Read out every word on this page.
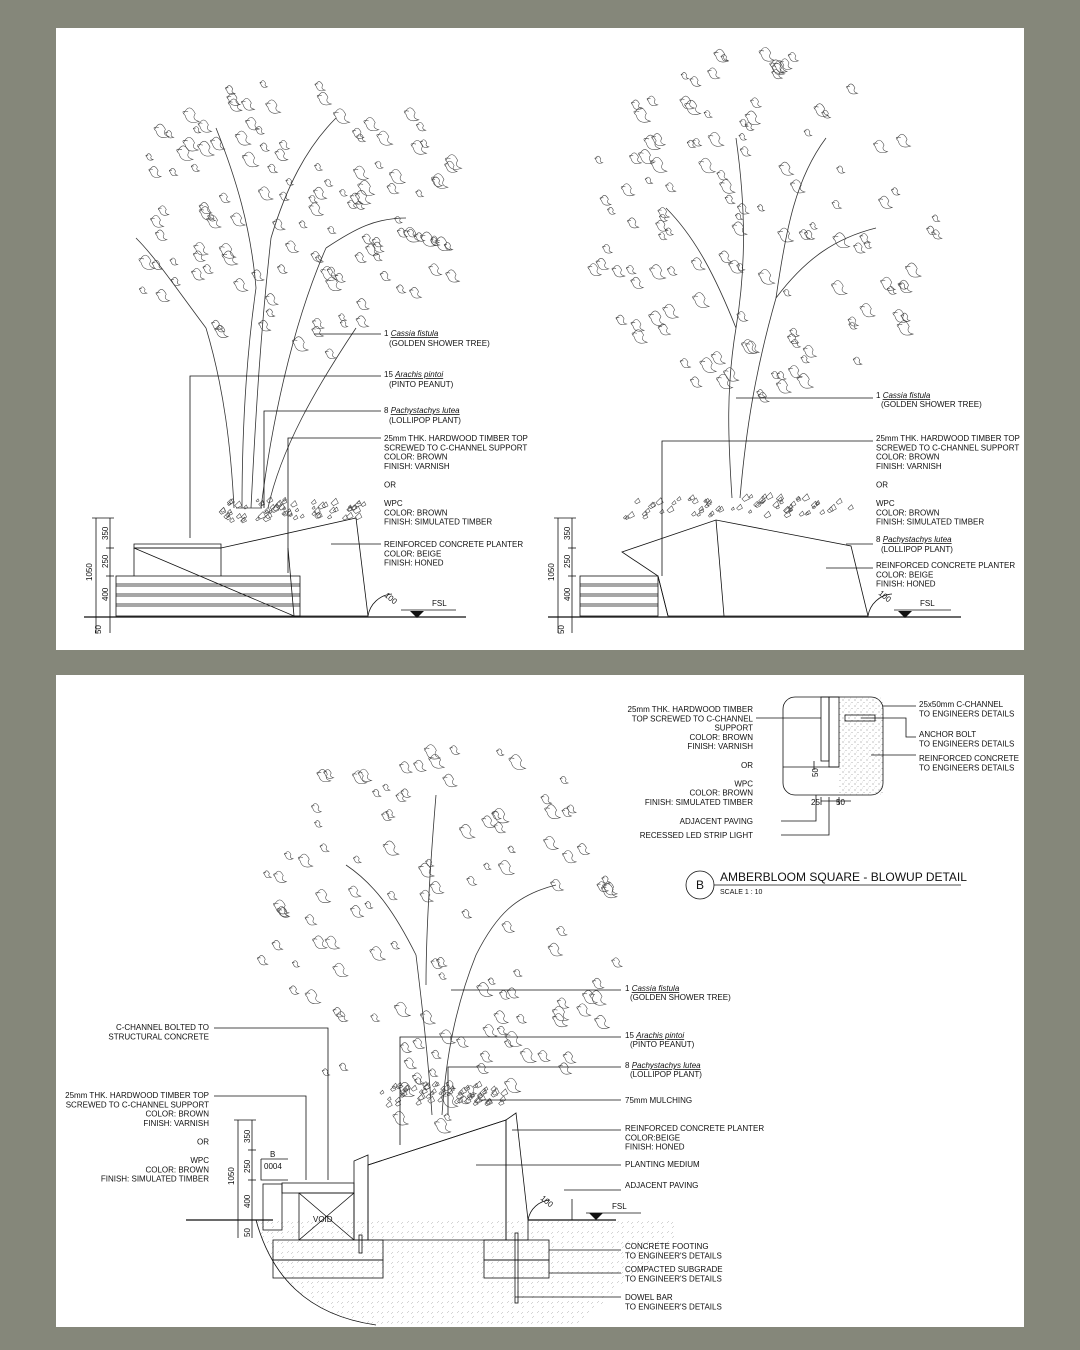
1050
350
250
400
50
100	FSL
1 Cassia fistula
(GOLDEN SHOWER TREE)
15 Arachis pintoi
(PINTO PEANUT)
8 Pachystachys lutea
(LOLLIPOP PLANT)
25mm THK. HARDWOOD TIMBER TOP
SCREWED TO C-CHANNEL SUPPORT
COLOR: BROWN
FINISH: VARNISH
OR
WPC
COLOR: BROWN
FINISH: SIMULATED TIMBER
REINFORCED CONCRETE PLANTER
COLOR: BEIGE
FINISH: HONED
1050
350
250
400
50
100	FSL
1 Cassia fistula
(GOLDEN SHOWER TREE)
25mm THK. HARDWOOD TIMBER TOP
SCREWED TO C-CHANNEL SUPPORT
COLOR: BROWN
FINISH: VARNISH
OR
WPC
COLOR: BROWN
FINISH: SIMULATED TIMBER
8 Pachystachys lutea
(LOLLIPOP PLANT)
REINFORCED CONCRETE PLANTER
COLOR: BEIGE
FINISH: HONED
50
25 50
25mm THK. HARDWOOD TIMBER
TOP SCREWED TO C-CHANNEL
SUPPORT
COLOR: BROWN
FINISH: VARNISH
OR
WPC
COLOR: BROWN
FINISH: SIMULATED TIMBER
ADJACENT PAVING
RECESSED LED STRIP LIGHT
25x50mm C-CHANNEL
TO ENGINEERS DETAILS
ANCHOR BOLT
TO ENGINEERS DETAILS
REINFORCED CONCRETE
TO ENGINEERS DETAILS
B
AMBERBLOOM SQUARE - BLOWUP DETAIL
SCALE 1 : 10
VOID
1050
350
250
400
50
100	FSL
B
0004
1 Cassia fistula
(GOLDEN SHOWER TREE)
15 Arachis pintoi
(PINTO PEANUT)
8 Pachystachys lutea
(LOLLIPOP PLANT)
75mm MULCHING
REINFORCED CONCRETE PLANTER
COLOR:BEIGE
FINISH: HONED
PLANTING MEDIUM
ADJACENT PAVING
CONCRETE FOOTING
TO ENGINEER'S DETAILS
COMPACTED SUBGRADE
TO ENGINEER'S DETAILS
DOWEL BAR
TO ENGINEER'S DETAILS
C-CHANNEL BOLTED TO
STRUCTURAL CONCRETE
25mm THK. HARDWOOD TIMBER TOP
SCREWED TO C-CHANNEL SUPPORT
COLOR: BROWN
FINISH: VARNISH
OR
WPC
COLOR: BROWN
FINISH: SIMULATED TIMBER
